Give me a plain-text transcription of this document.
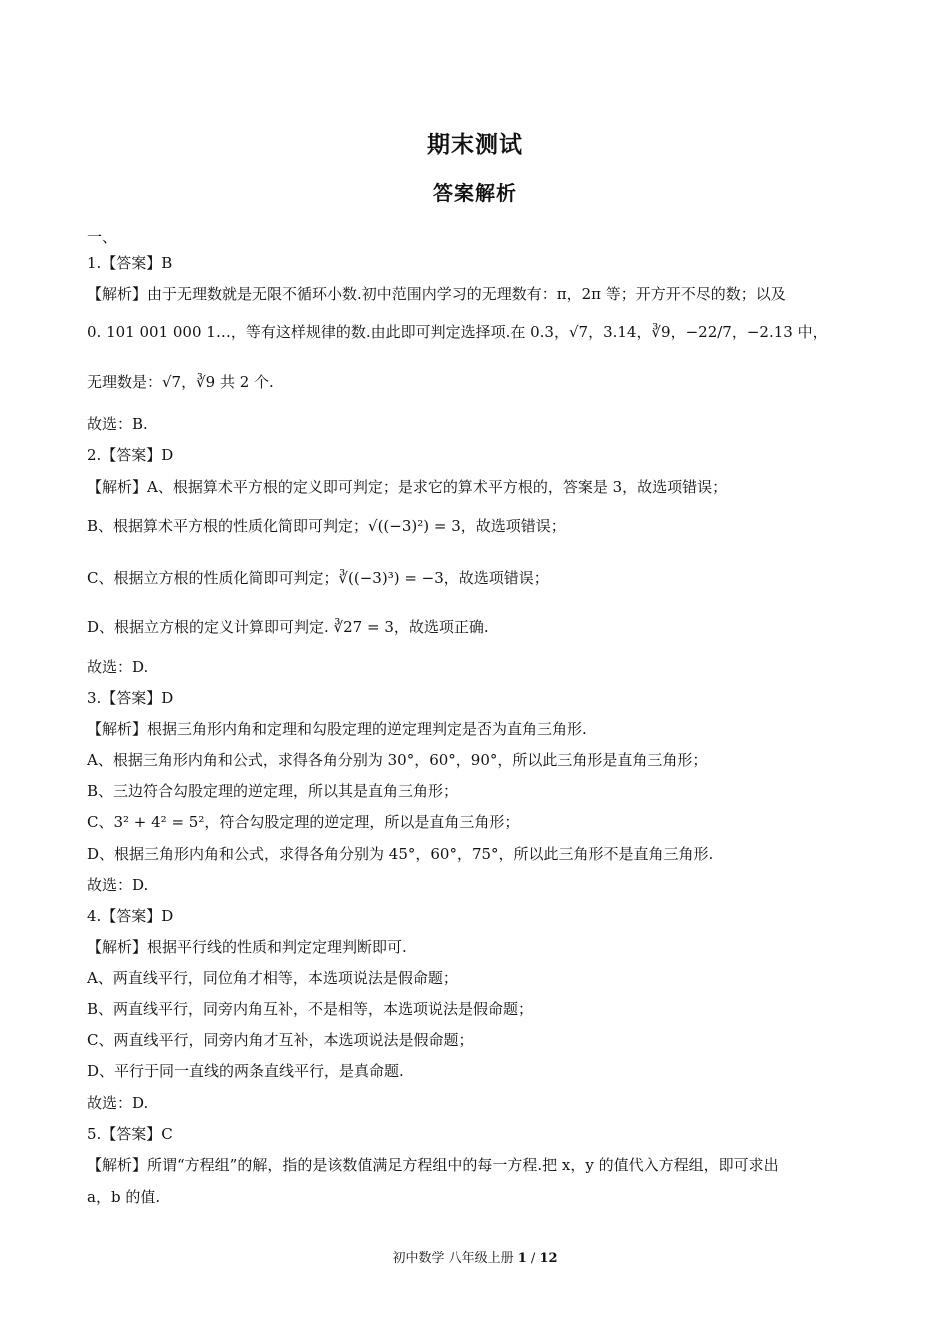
期末测试
答案解析
一、
1.【答案】B
【解析】由于无理数就是无限不循环小数.初中范围内学习的无理数有：π，2π 等；开方开不尽的数；以及
0. 101 001 000 1…，等有这样规律的数.由此即可判定选择项.在 0.3，√7，3.14，∛9，−22/7，−2.13 中，
无理数是：√7，∛9 共 2 个.
故选：B.
2.【答案】D
【解析】A、根据算术平方根的定义即可判定；是求它的算术平方根的，答案是 3，故选项错误；
B、根据算术平方根的性质化简即可判定；√((−3)²) = 3，故选项错误；
C、根据立方根的性质化简即可判定；∛((−3)³) = −3，故选项错误；
D、根据立方根的定义计算即可判定. ∛27 = 3，故选项正确.
故选：D.
3.【答案】D
【解析】根据三角形内角和定理和勾股定理的逆定理判定是否为直角三角形.
A、根据三角形内角和公式，求得各角分别为 30°，60°，90°，所以此三角形是直角三角形；
B、三边符合勾股定理的逆定理，所以其是直角三角形；
C、3² + 4² = 5²，符合勾股定理的逆定理，所以是直角三角形；
D、根据三角形内角和公式，求得各角分别为 45°，60°，75°，所以此三角形不是直角三角形.
故选：D.
4.【答案】D
【解析】根据平行线的性质和判定定理判断即可.
A、两直线平行，同位角才相等，本选项说法是假命题；
B、两直线平行，同旁内角互补，不是相等，本选项说法是假命题；
C、两直线平行，同旁内角才互补，本选项说法是假命题；
D、平行于同一直线的两条直线平行，是真命题.
故选：D.
5.【答案】C
【解析】所谓“方程组”的解，指的是该数值满足方程组中的每一方程.把 x，y 的值代入方程组，即可求出
a，b 的值.
初中数学 八年级上册 1 / 12
